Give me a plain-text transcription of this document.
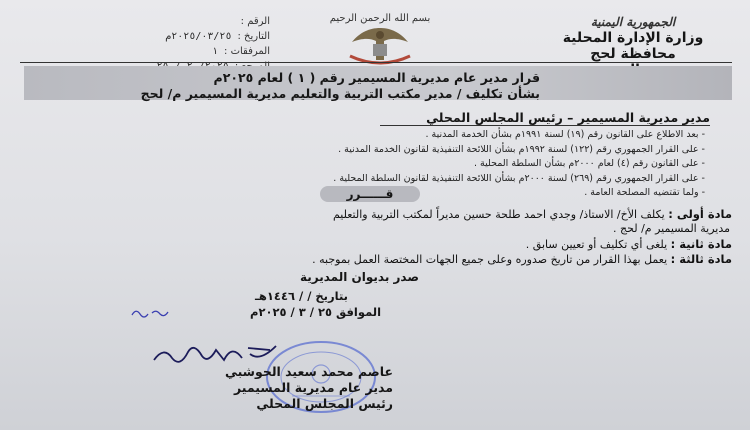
الجمهورية اليمنية
وزارة الإدارة المحلية
محافظة لحج
بسم الله الرحمن الرحيم
الرقم :
التاريخ :
٢٠٢٥/٠٣/٢٥م
المرفقات :
١
قرار مدير عام مديرية المسيمير رقم ( ١ ) لعام ٢٠٢٥م
بشأن تكليف / مدير مكتب التربية والتعليم مديرية المسيمير م/ لحج
مدير مديرية المسيمير – رئيس المجلس المحلي
- بعد الاطلاع على القانون رقم (١٩) لسنة ١٩٩١م بشأن الخدمة المدنية .
- على القرار الجمهوري رقم (١٢٢) لسنة ١٩٩٢م بشأن اللائحة التنفيذية لقانون الخدمة المدنية .
- على القانون رقم (٤) لعام ٢٠٠٠م بشأن السلطة المحلية .
- على القرار الجمهوري رقم (٢٦٩) لسنة ٢٠٠٠م بشأن اللائحة التنفيذية لقانون السلطة المحلية .
- ولما تقتضيه المصلحة العامة .
قــــــرر
مادة أولى : يكلف الأخ/ الاستاذ/ وجدي احمد طلحة حسين مديراً لمكتب التربية والتعليم
مديرية المسيمير م/ لحج .
مادة ثانية : يلغى أي تكليف أو تعيين سابق .
مادة ثالثة : يعمل بهذا القرار من تاريخ صدوره وعلى جميع الجهات المختصة العمل بموجبه .
صدر بديوان المديرية
بتاريخ / / ١٤٤٦هـ
الموافق ٢٥ / ٣ / ٢٠٢٥م
عاصم محمد سعيد الحوشبي
مدير عام مديرية المسيمير
رئيس المجلس المحلي
